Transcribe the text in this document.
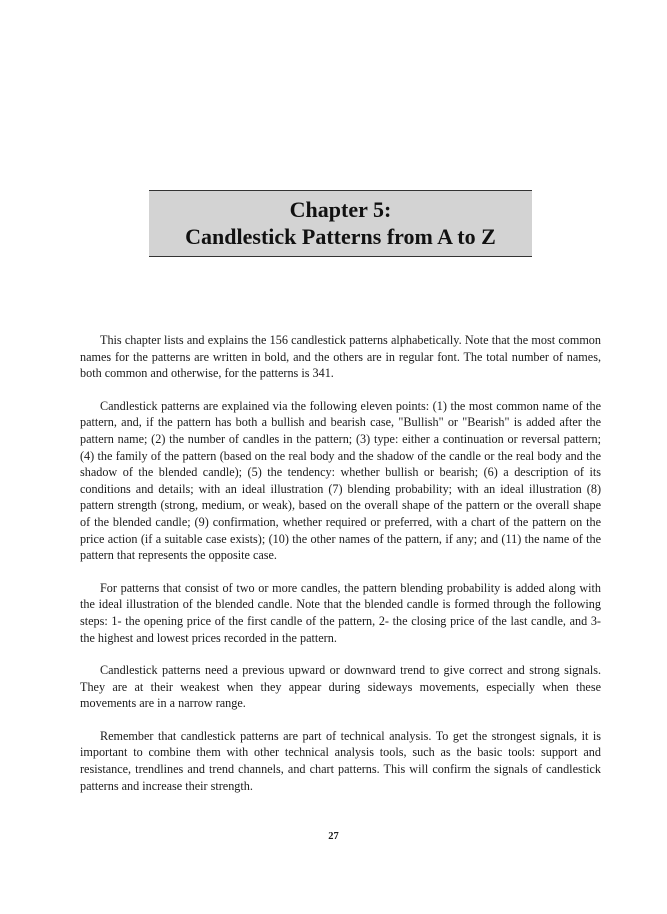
Chapter 5:
Candlestick Patterns from A to Z

This chapter lists and explains the 156 candlestick patterns alphabetically. Note that the most common names for the patterns are written in bold, and the others are in regular font. The total number of names, both common and otherwise, for the patterns is 341.

Candlestick patterns are explained via the following eleven points: (1) the most common name of the pattern, and, if the pattern has both a bullish and bearish case, "Bullish" or "Bearish" is added after the pattern name; (2) the number of candles in the pattern; (3) type: either a continuation or reversal pattern; (4) the family of the pattern (based on the real body and the shadow of the candle or the real body and the shadow of the blended candle); (5) the tendency: whether bullish or bearish; (6) a description of its conditions and details; with an ideal illustration (7) blending probability; with an ideal illustration (8) pattern strength (strong, medium, or weak), based on the overall shape of the pattern or the overall shape of the blended candle; (9) confirmation, whether required or preferred, with a chart of the pattern on the price action (if a suitable case exists); (10) the other names of the pattern, if any; and (11) the name of the pattern that represents the opposite case.

For patterns that consist of two or more candles, the pattern blending probability is added along with the ideal illustration of the blended candle. Note that the blended candle is formed through the following steps: 1- the opening price of the first candle of the pattern, 2- the closing price of the last candle, and 3- the highest and lowest prices recorded in the pattern.

Candlestick patterns need a previous upward or downward trend to give correct and strong signals. They are at their weakest when they appear during sideways movements, especially when these movements are in a narrow range.

Remember that candlestick patterns are part of technical analysis. To get the strongest signals, it is important to combine them with other technical analysis tools, such as the basic tools: support and resistance, trendlines and trend channels, and chart patterns. This will confirm the signals of candlestick patterns and increase their strength.

27
